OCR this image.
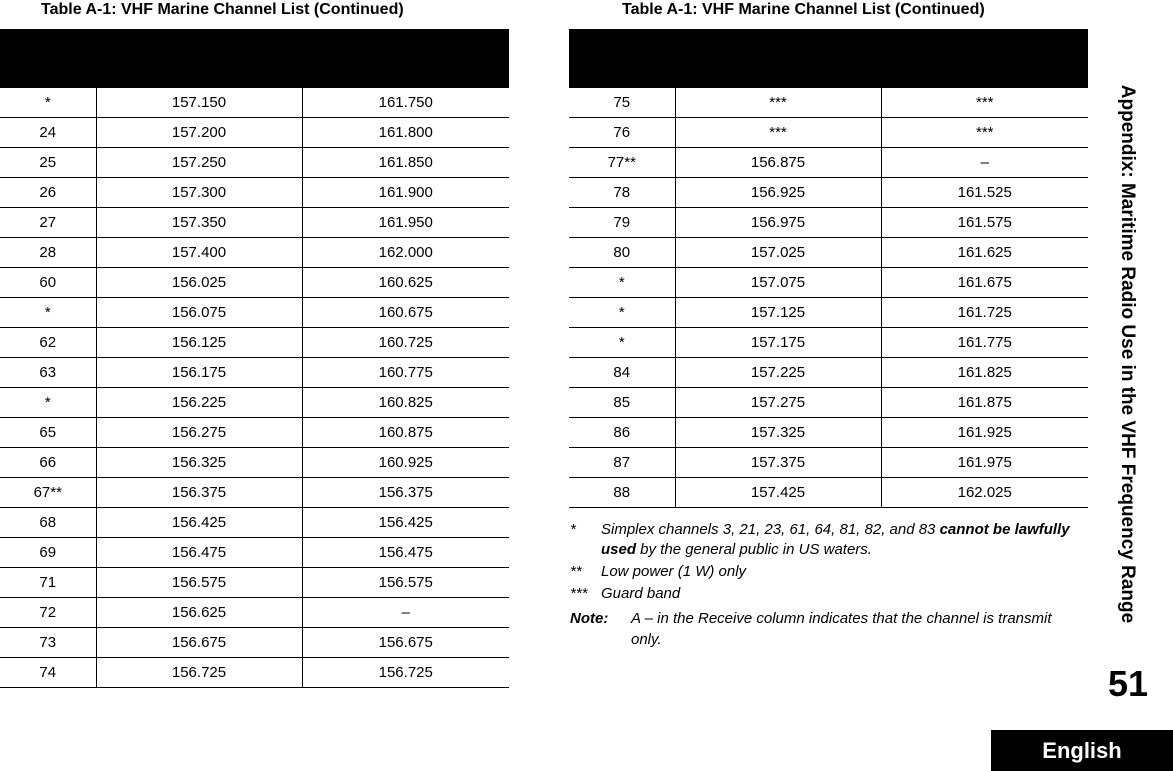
Table A-1: VHF Marine Channel List (Continued)

*	157.150	161.750
24	157.200	161.800
25	157.250	161.850
26	157.300	161.900
27	157.350	161.950
28	157.400	162.000
60	156.025	160.625
*	156.075	160.675
62	156.125	160.725
63	156.175	160.775
*	156.225	160.825
65	156.275	160.875
66	156.325	160.925
67**	156.375	156.375
68	156.425	156.425
69	156.475	156.475
71	156.575	156.575
72	156.625	–
73	156.675	156.675
74	156.725	156.725
Table A-1: VHF Marine Channel List (Continued)

75	***	***
76	***	***
77**	156.875	–
78	156.925	161.525
79	156.975	161.575
80	157.025	161.625
*	157.075	161.675
*	157.125	161.725
*	157.175	161.775
84	157.225	161.825
85	157.275	161.875
86	157.325	161.925
87	157.375	161.975
88	157.425	162.025
* Simplex channels 3, 21, 23, 61, 64, 81, 82, and 83 cannot be lawfully used by the general public in US waters.
** Low power (1 W) only
*** Guard band
Note: A – in the Receive column indicates that the channel is transmit only.
Appendix: Maritime Radio Use in the VHF Frequency Range
51
English
